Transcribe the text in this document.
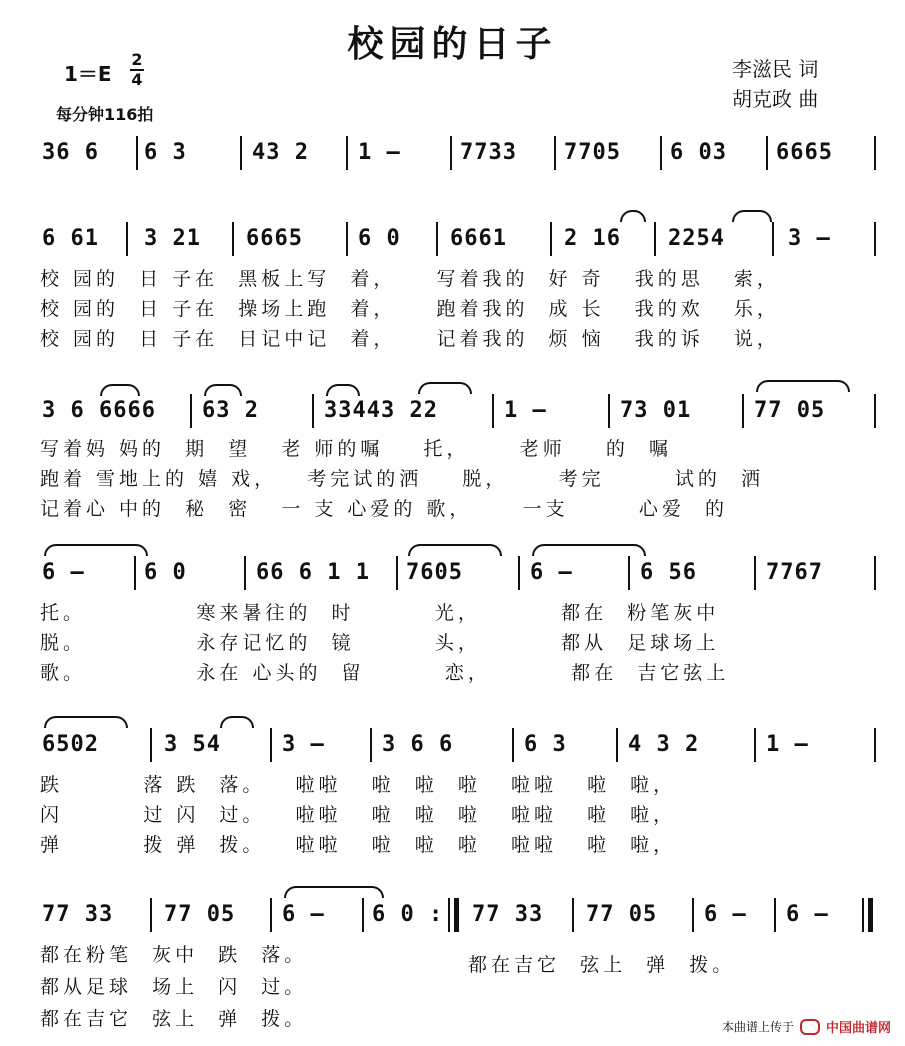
校园的日子
1＝E
2
4
每分钟116拍
李滋民 词
胡克政 曲
36 6 6 3	43 2 1 –	7733 7705 6 03 6665
6 61 3 21 6665	6 0 6661	2 16 2254	3 –
校 园的  日 子在  黑板上写  着，    写着我的  好 奇   我的思   索，
校 园的  日 子在  操场上跑  着，    跑着我的  成 长   我的欢   乐，
校 园的  日 子在  日记中记  着，    记着我的  烦 恼   我的诉   说，
3 6 6666 63 2	33443 22	1 –	73 01	77 05
写着妈 妈的  期  望   老 师的嘱    托，     老师    的  嘱
跑着 雪地上的 嬉 戏，   考完试的洒    脱，     考完       试的  洒
记着心 中的  秘  密   一 支 心爱的 歌，     一支       心爱  的
6 –	6 0	66 6 1 1 7605	6 –	6 56	7767
托。           寒来暑往的  时        光，        都在  粉笔灰中
脱。           永存记忆的  镜        头，        都从  足球场上
歌。           永在 心头的  留        恋，        都在  吉它弦上
6502	3 54	3 –	3 6 6	6 3	4 3 2	1 –
跌        落 跌  落。   啦啦   啦  啦  啦   啦啦   啦  啦，
闪        过 闪  过。   啦啦   啦  啦  啦   啦啦   啦  啦，
弹        拨 弹  拨。   啦啦   啦  啦  啦   啦啦   啦  啦，
77 33 77 05 6 – 6 0 : 77 33 77 05 6 – 6 –
都在粉笔  灰中  跌  落。
都从足球  场上  闪  过。
都在吉它  弦上  弹  拨。
都在吉它  弦上  弹  拨。
本曲谱上传于 中国曲谱网
